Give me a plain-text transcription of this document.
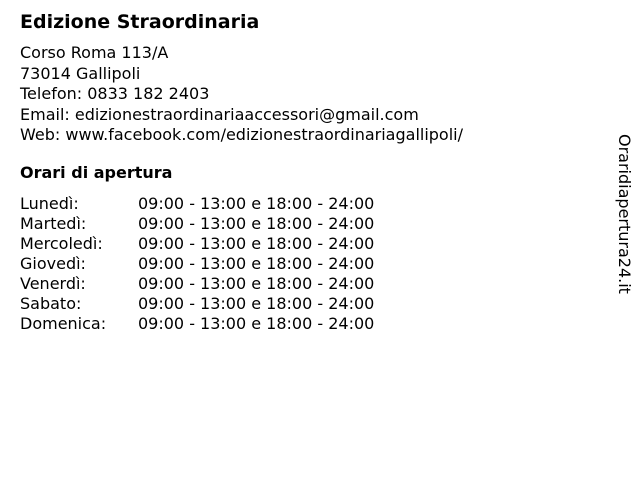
Edizione Straordinaria
Corso Roma 113/A
73014 Gallipoli
Telefon: 0833 182 2403
Email: edizionestraordinariaaccessori@gmail.com
Web: www.facebook.com/edizionestraordinariagallipoli/
Orari di apertura
Lunedì:	09:00 - 13:00 e 18:00 - 24:00
Martedì:	09:00 - 13:00 e 18:00 - 24:00
Mercoledì:	09:00 - 13:00 e 18:00 - 24:00
Giovedì:	09:00 - 13:00 e 18:00 - 24:00
Venerdì:	09:00 - 13:00 e 18:00 - 24:00
Sabato:	09:00 - 13:00 e 18:00 - 24:00
Domenica:	09:00 - 13:00 e 18:00 - 24:00
Oraridiapertura24.it
